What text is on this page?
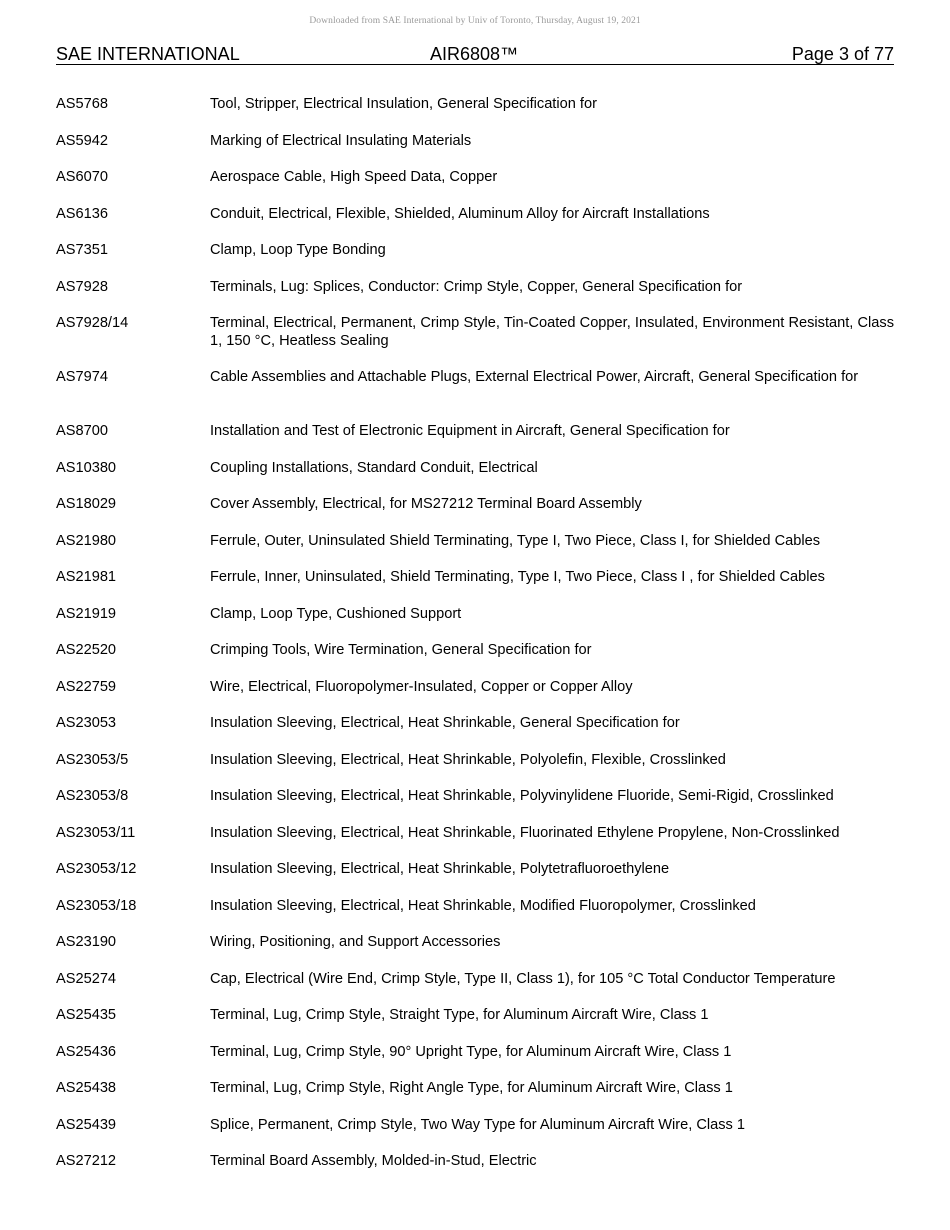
Downloaded from SAE International by Univ of Toronto, Thursday, August 19, 2021
SAE INTERNATIONAL	AIR6808™	Page 3 of 77
AS5768	Tool, Stripper, Electrical Insulation, General Specification for
AS5942	Marking of Electrical Insulating Materials
AS6070	Aerospace Cable, High Speed Data, Copper
AS6136	Conduit, Electrical, Flexible, Shielded, Aluminum Alloy for Aircraft Installations
AS7351	Clamp, Loop Type Bonding
AS7928	Terminals, Lug: Splices, Conductor: Crimp Style, Copper, General Specification for
AS7928/14	Terminal, Electrical, Permanent, Crimp Style, Tin-Coated Copper, Insulated, Environment Resistant, Class 1, 150 °C, Heatless Sealing
AS7974	Cable Assemblies and Attachable Plugs, External Electrical Power, Aircraft, General Specification for
AS8700	Installation and Test of Electronic Equipment in Aircraft, General Specification for
AS10380	Coupling Installations, Standard Conduit, Electrical
AS18029	Cover Assembly, Electrical, for MS27212 Terminal Board Assembly
AS21980	Ferrule, Outer, Uninsulated Shield Terminating, Type I, Two Piece, Class I, for Shielded Cables
AS21981	Ferrule, Inner, Uninsulated, Shield Terminating, Type I, Two Piece, Class I , for Shielded Cables
AS21919	Clamp, Loop Type, Cushioned Support
AS22520	Crimping Tools, Wire Termination, General Specification for
AS22759	Wire, Electrical, Fluoropolymer-Insulated, Copper or Copper Alloy
AS23053	Insulation Sleeving, Electrical, Heat Shrinkable, General Specification for
AS23053/5	Insulation Sleeving, Electrical, Heat Shrinkable, Polyolefin, Flexible, Crosslinked
AS23053/8	Insulation Sleeving, Electrical, Heat Shrinkable, Polyvinylidene Fluoride, Semi-Rigid, Crosslinked
AS23053/11	Insulation Sleeving, Electrical, Heat Shrinkable, Fluorinated Ethylene Propylene, Non-Crosslinked
AS23053/12	Insulation Sleeving, Electrical, Heat Shrinkable, Polytetrafluoroethylene
AS23053/18	Insulation Sleeving, Electrical, Heat Shrinkable, Modified Fluoropolymer, Crosslinked
AS23190	Wiring, Positioning, and Support Accessories
AS25274	Cap, Electrical (Wire End, Crimp Style, Type II, Class 1), for 105 °C Total Conductor Temperature
AS25435	Terminal, Lug, Crimp Style, Straight Type, for Aluminum Aircraft Wire, Class 1
AS25436	Terminal, Lug, Crimp Style, 90° Upright Type, for Aluminum Aircraft Wire, Class 1
AS25438	Terminal, Lug, Crimp Style, Right Angle Type, for Aluminum Aircraft Wire, Class 1
AS25439	Splice, Permanent, Crimp Style, Two Way Type for Aluminum Aircraft Wire, Class 1
AS27212	Terminal Board Assembly, Molded-in-Stud, Electric
